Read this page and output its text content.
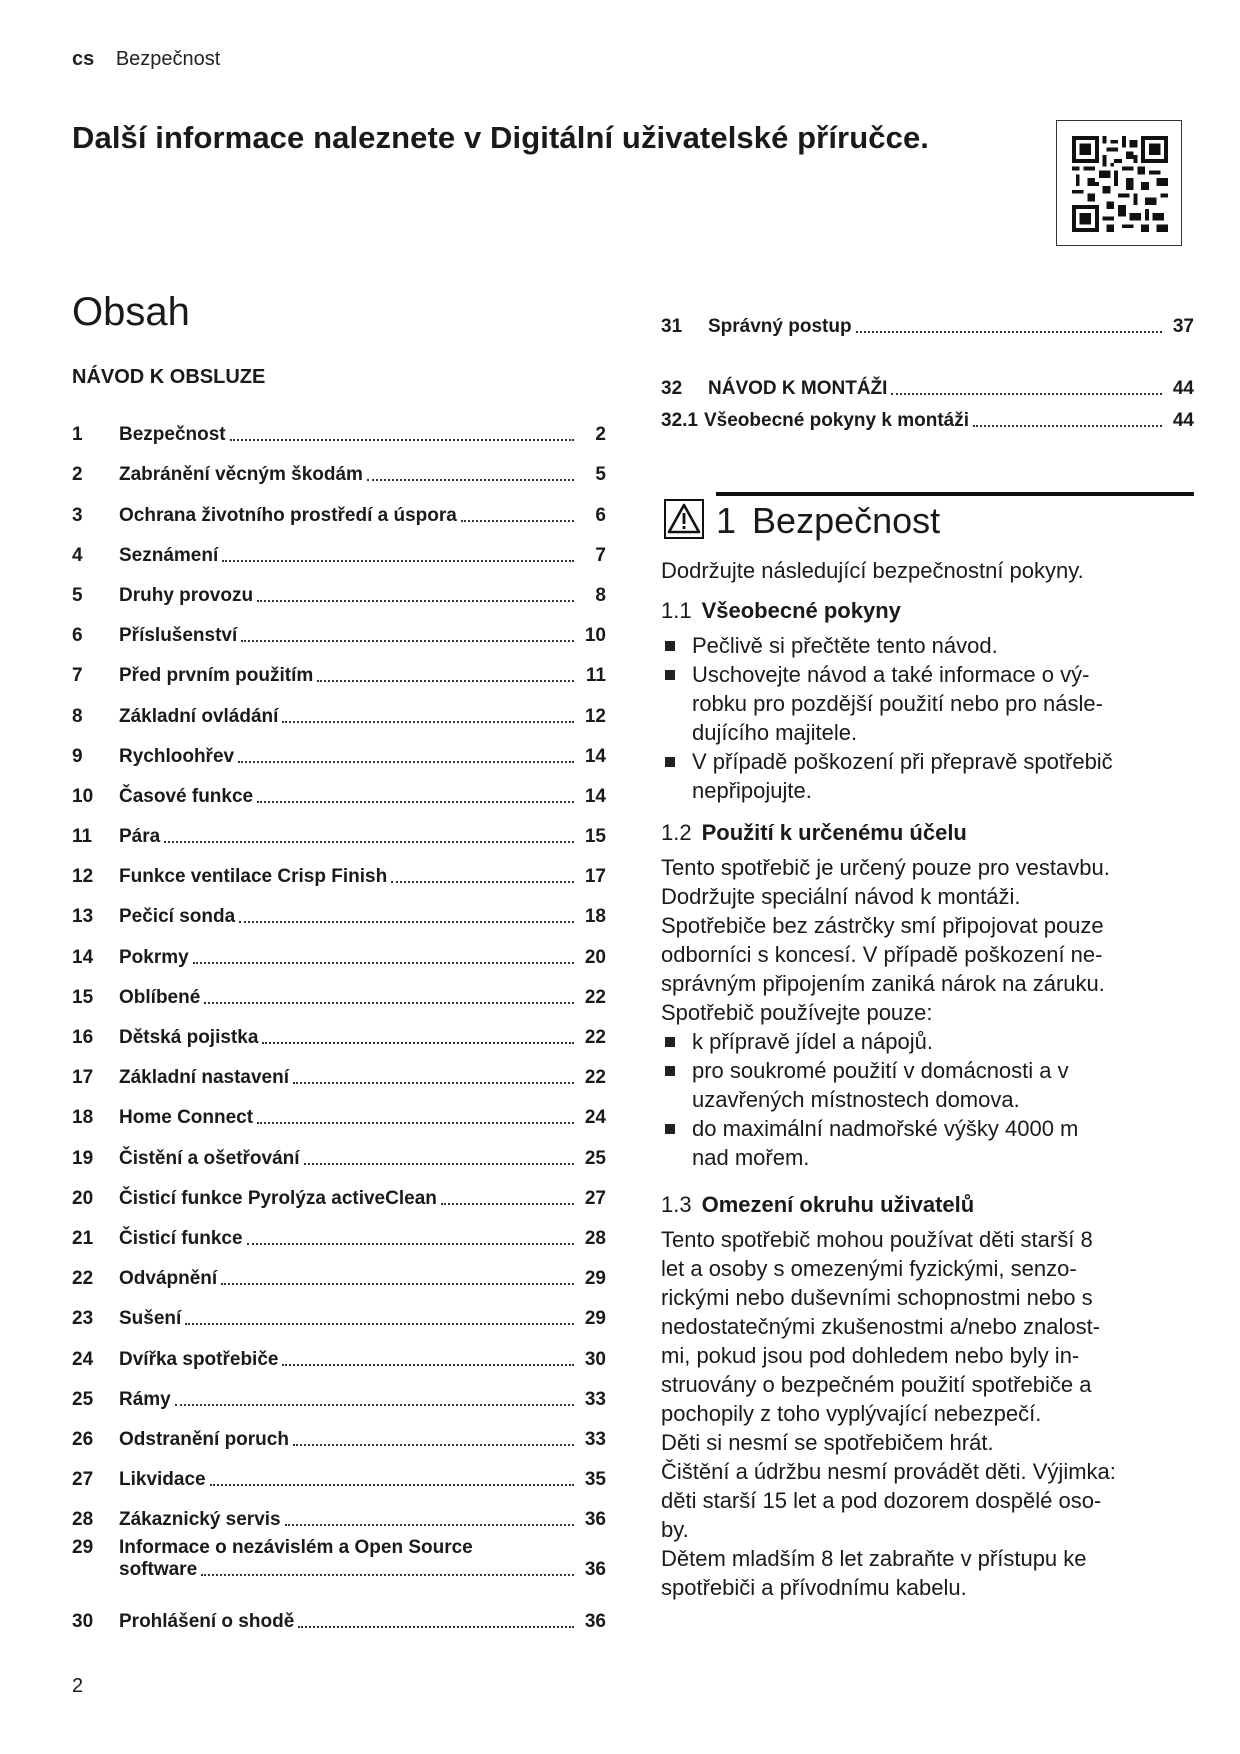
cs Bezpečnost
Další informace naleznete v Digitální uživatelské příručce.
Obsah
NÁVOD K OBSLUZE
1	Bezpečnost	2
2	Zabránění věcným škodám	5
3	Ochrana životního prostředí a úspora	6
4	Seznámení	7
5	Druhy provozu	8
6	Příslušenství	10
7	Před prvním použitím	11
8	Základní ovládání	12
9	Rychloohřev	14
10	Časové funkce	14
11	Pára	15
12	Funkce ventilace Crisp Finish	17
13	Pečicí sonda	18
14	Pokrmy	20
15	Oblíbené	22
16	Dětská pojistka	22
17	Základní nastavení	22
18	Home Connect	24
19	Čistění a ošetřování	25
20	Čisticí funkce Pyrolýza activeClean	27
21	Čisticí funkce	28
22	Odvápnění	29
23	Sušení	29
24	Dvířka spotřebiče	30
25	Rámy	33
26	Odstranění poruch	33
27	Likvidace	35
28	Zákaznický servis	36
29	Informace o nezávislém a Open Source
software	36
30	Prohlášení o shodě	36
31	Správný postup	37
32	NÁVOD K MONTÁŽI	44
32.1 Všeobecné pokyny k montáži	44
1 Bezpečnost

Dodržujte následující bezpečnostní pokyny.

1.1 Všeobecné pokyny
Pečlivě si přečtěte tento návod.
Uschovejte návod a také informace o vý-
robku pro pozdější použití nebo pro násle-
dujícího majitele.
V případě poškození při přepravě spotřebič
nepřipojujte.
1.2 Použití k určenému účelu

Tento spotřebič je určený pouze pro vestavbu.
Dodržujte speciální návod k montáži.
Spotřebiče bez zástrčky smí připojovat pouze
odborníci s koncesí. V případě poškození ne-
správným připojením zaniká nárok na záruku.

Spotřebič používejte pouze:

k přípravě jídel a nápojů.
pro soukromé použití v domácnosti a v
uzavřených místnostech domova.
do maximální nadmořské výšky 4000 m
nad mořem.
1.3 Omezení okruhu uživatelů

Tento spotřebič mohou používat děti starší 8
let a osoby s omezenými fyzickými, senzo-
rickými nebo duševními schopnostmi nebo s
nedostatečnými zkušenostmi a/nebo znalost-
mi, pokud jsou pod dohledem nebo byly in-
struovány o bezpečném použití spotřebiče a
pochopily z toho vyplývající nebezpečí.

Děti si nesmí se spotřebičem hrát.

Čištění a údržbu nesmí provádět děti. Výjimka:
děti starší 15 let a pod dozorem dospělé oso-
by.

Dětem mladším 8 let zabraňte v přístupu ke
spotřebiči a přívodnímu kabelu.

2
